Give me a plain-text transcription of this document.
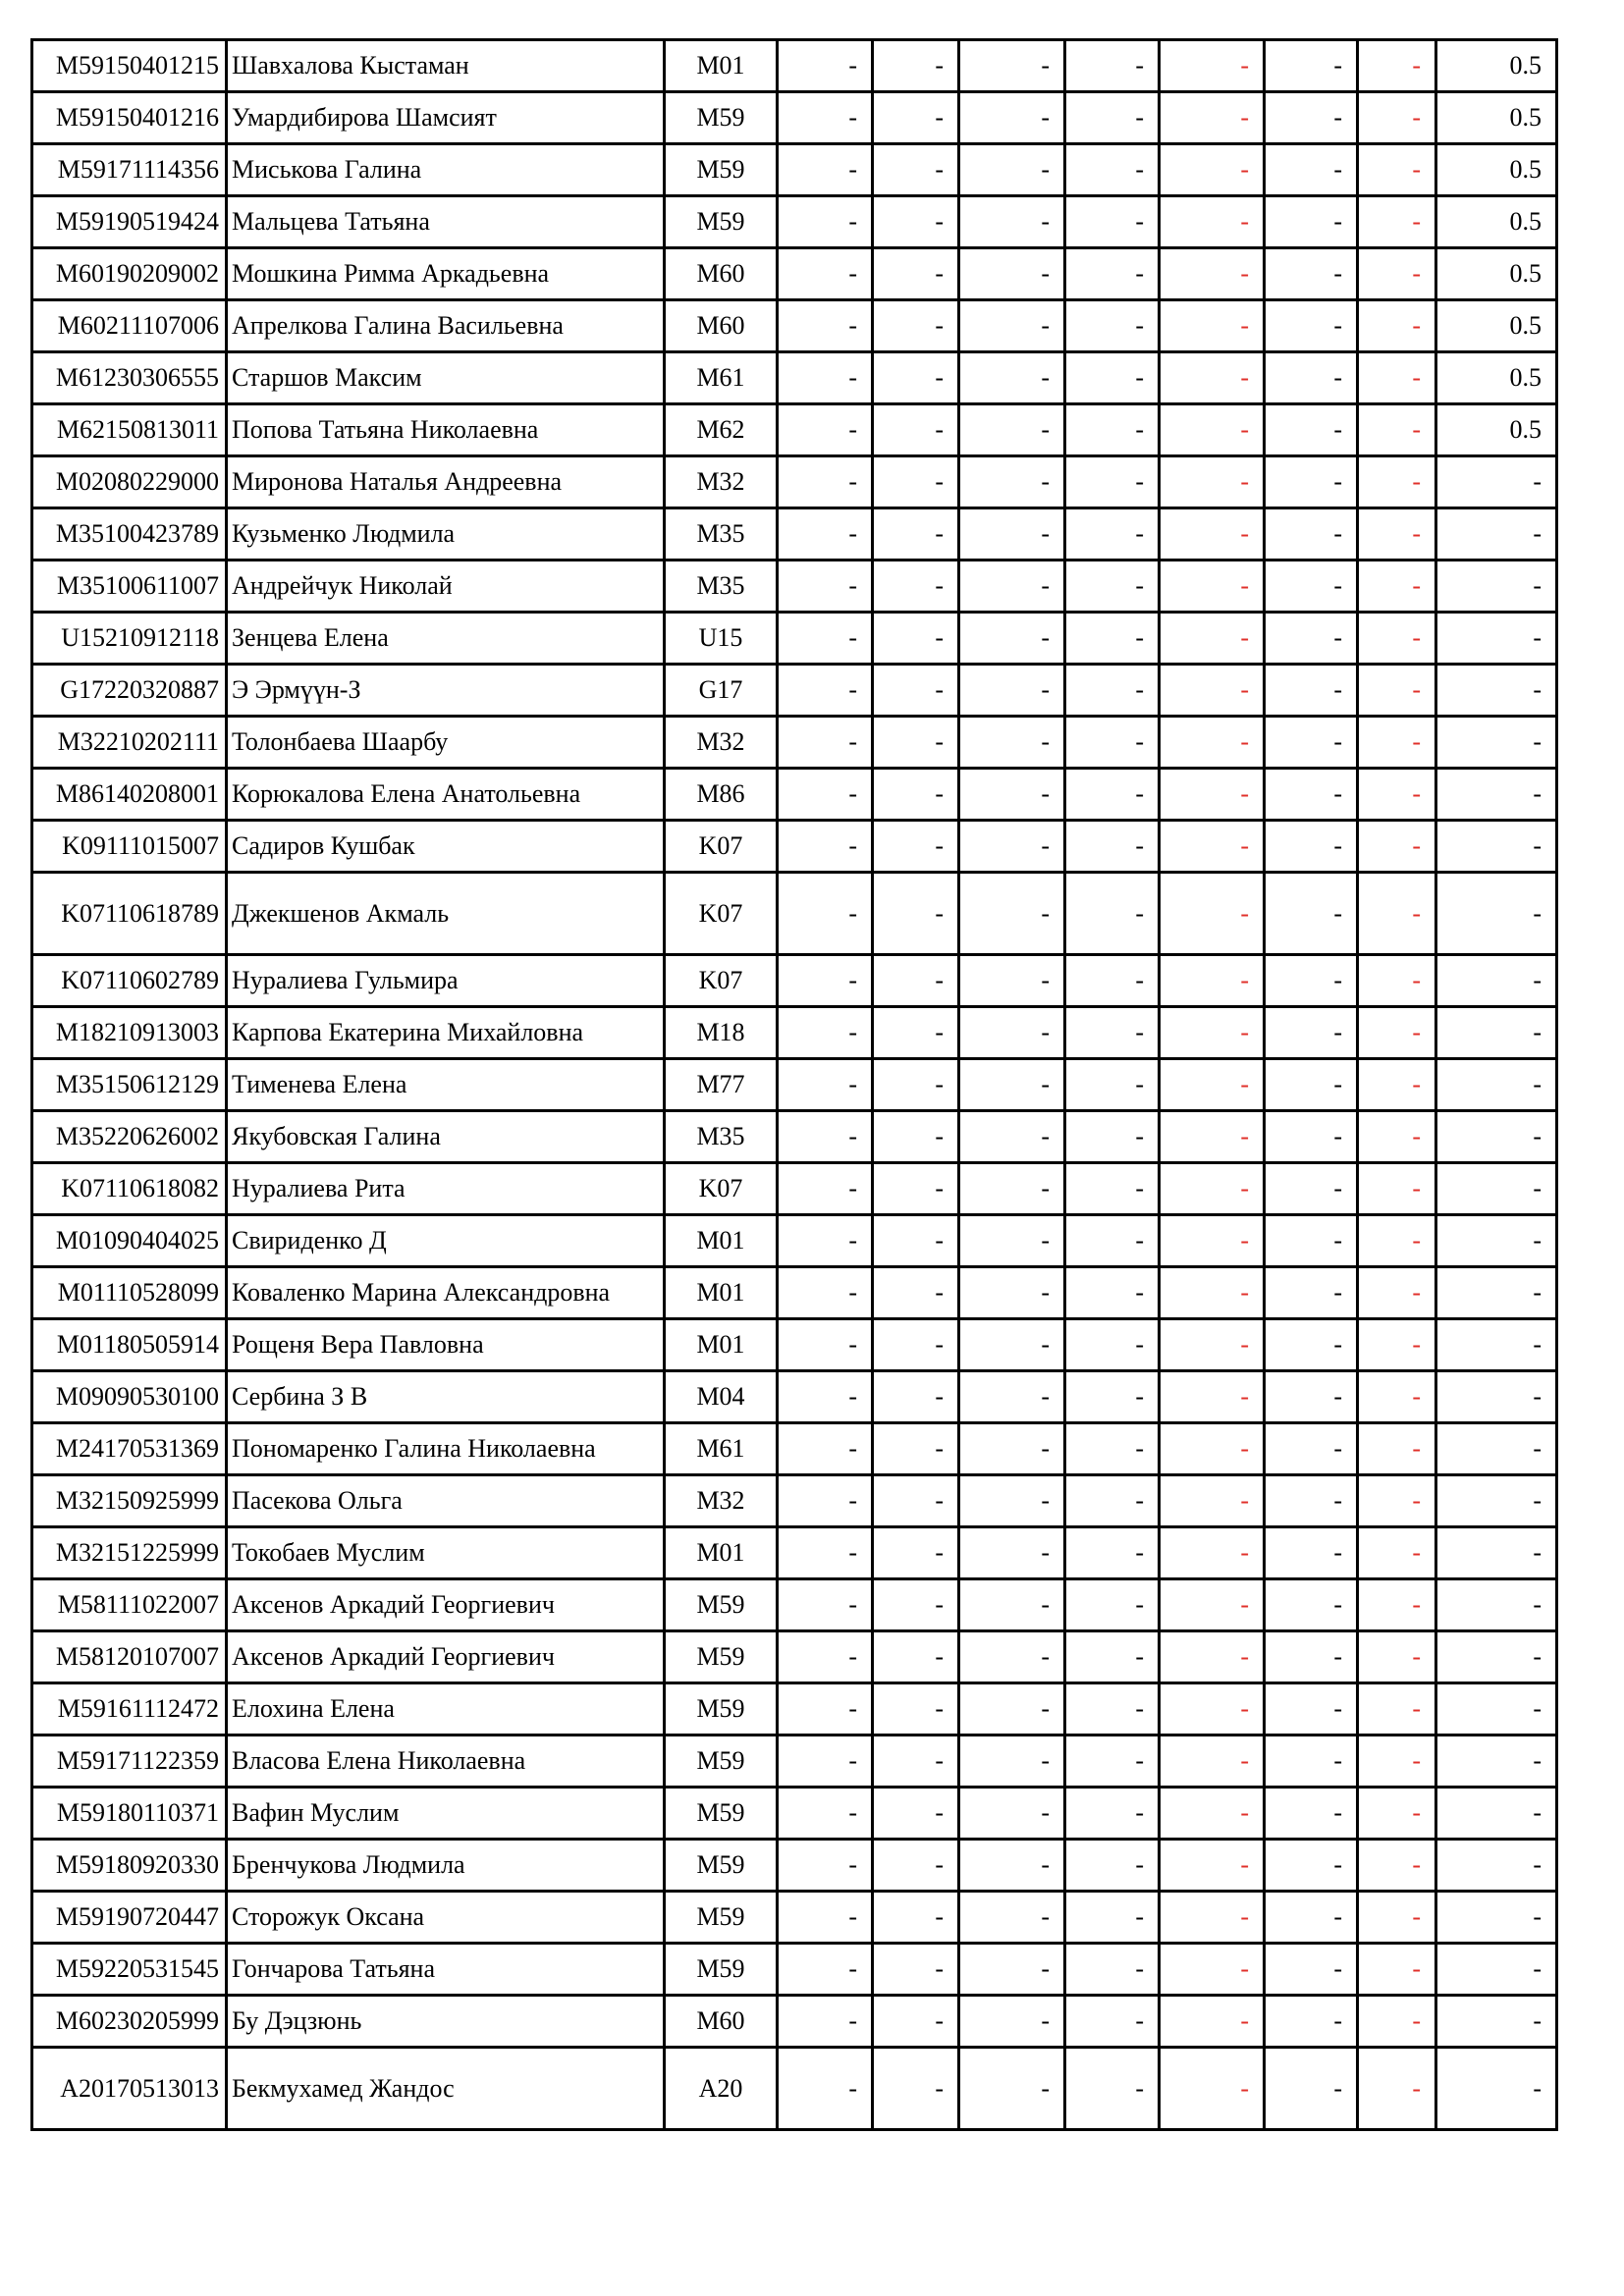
M59150401215	Шавхалова Кыстаман	M01	-	-	-	-	-	-	-	0.5
M59150401216	Умардибирова Шамсият	M59	-	-	-	-	-	-	-	0.5
M59171114356	Миськова Галина	M59	-	-	-	-	-	-	-	0.5
M59190519424	Мальцева Татьяна	M59	-	-	-	-	-	-	-	0.5
M60190209002	Мошкина Римма Аркадьевна	M60	-	-	-	-	-	-	-	0.5
M60211107006	Апрелкова Галина Васильевна	M60	-	-	-	-	-	-	-	0.5
M61230306555	Старшов Максим	M61	-	-	-	-	-	-	-	0.5
M62150813011	Попова Татьяна Николаевна	M62	-	-	-	-	-	-	-	0.5
M02080229000	Миронова Наталья Андреевна	M32	-	-	-	-	-	-	-	-
M35100423789	Кузьменко Людмила	M35	-	-	-	-	-	-	-	-
M35100611007	Андрейчук Николай	M35	-	-	-	-	-	-	-	-
U15210912118	Зенцева Елена	U15	-	-	-	-	-	-	-	-
G17220320887	Э Эрмүүн-З	G17	-	-	-	-	-	-	-	-
M32210202111	Толонбаева Шаарбу	M32	-	-	-	-	-	-	-	-
M86140208001	Корюкалова Елена Анатольевна	M86	-	-	-	-	-	-	-	-
K09111015007	Садиров Кушбак	K07	-	-	-	-	-	-	-	-
K07110618789	Джекшенов Акмаль	K07	-	-	-	-	-	-	-	-
K07110602789	Нуралиева Гульмира	K07	-	-	-	-	-	-	-	-
M18210913003	Карпова Екатерина Михайловна	M18	-	-	-	-	-	-	-	-
M35150612129	Тименева Елена	M77	-	-	-	-	-	-	-	-
M35220626002	Якубовская Галина	M35	-	-	-	-	-	-	-	-
K07110618082	Нуралиева Рита	K07	-	-	-	-	-	-	-	-
M01090404025	Свириденко Д	M01	-	-	-	-	-	-	-	-
M01110528099	Коваленко Марина Александровна	M01	-	-	-	-	-	-	-	-
M01180505914	Рощеня Вера Павловна	M01	-	-	-	-	-	-	-	-
M09090530100	Сербина З В	M04	-	-	-	-	-	-	-	-
M24170531369	Пономаренко Галина Николаевна	M61	-	-	-	-	-	-	-	-
M32150925999	Пасекова Ольга	M32	-	-	-	-	-	-	-	-
M32151225999	Токобаев Муслим	M01	-	-	-	-	-	-	-	-
M58111022007	Аксенов Аркадий Георгиевич	M59	-	-	-	-	-	-	-	-
M58120107007	Аксенов Аркадий Георгиевич	M59	-	-	-	-	-	-	-	-
M59161112472	Елохина Елена	M59	-	-	-	-	-	-	-	-
M59171122359	Власова Елена Николаевна	M59	-	-	-	-	-	-	-	-
M59180110371	Вафин Муслим	M59	-	-	-	-	-	-	-	-
M59180920330	Бренчукова Людмила	M59	-	-	-	-	-	-	-	-
M59190720447	Сторожук Оксана	M59	-	-	-	-	-	-	-	-
M59220531545	Гончарова Татьяна	M59	-	-	-	-	-	-	-	-
M60230205999	Бу Дэцзюнь	M60	-	-	-	-	-	-	-	-
A20170513013	Бекмухамед Жандос	A20	-	-	-	-	-	-	-	-
